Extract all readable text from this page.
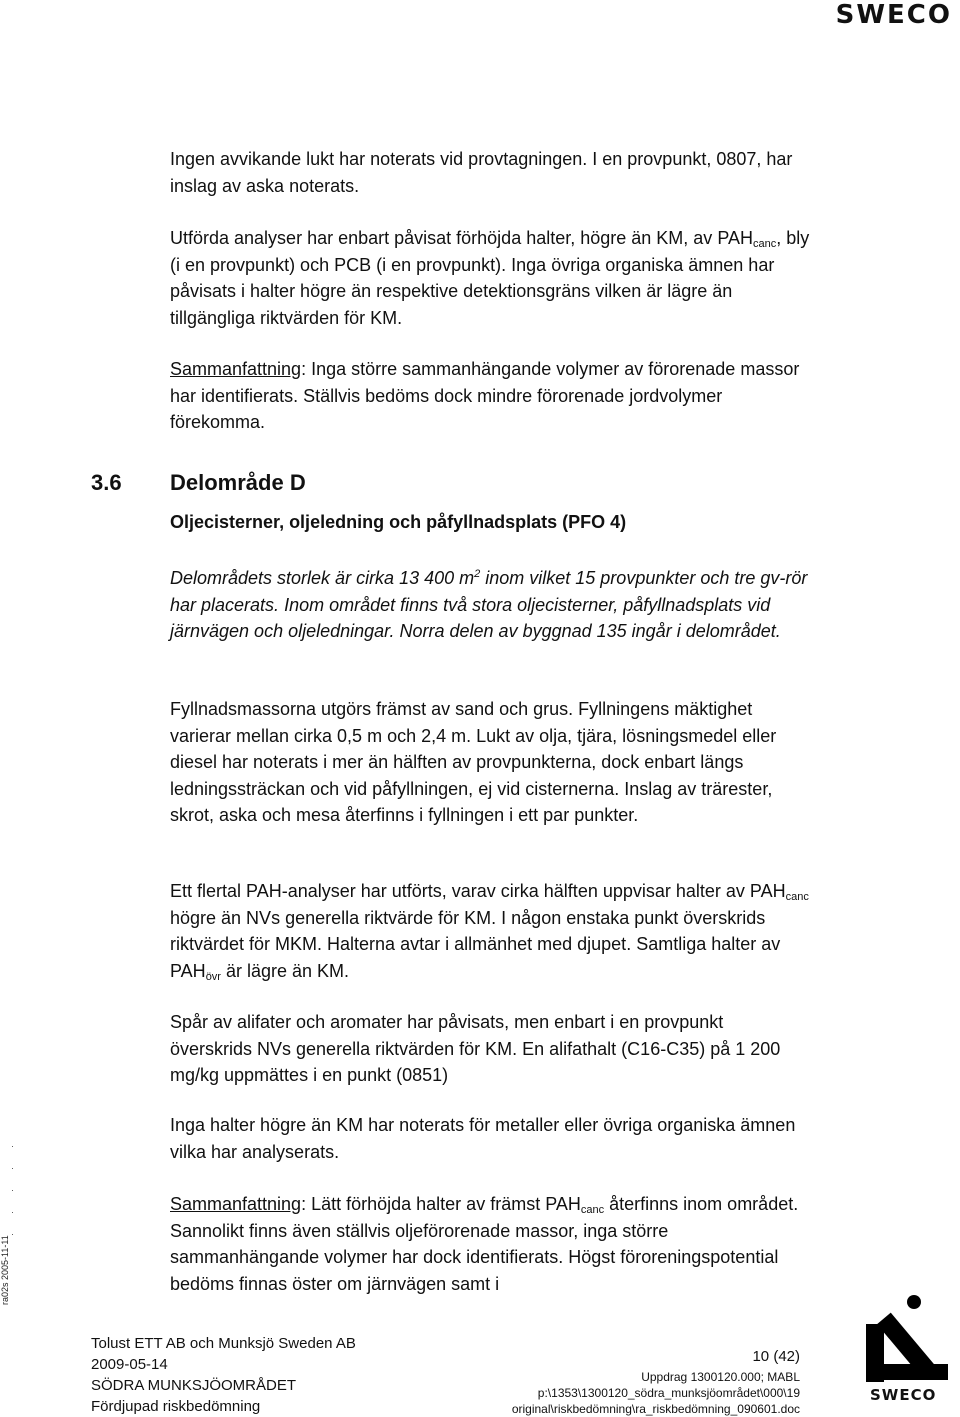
SWECO

Ingen avvikande lukt har noterats vid provtagningen. I en provpunkt, 0807, har inslag av aska noterats.

Utförda analyser har enbart påvisat förhöjda halter, högre än KM, av $PAH_{canc}$, bly (i en provpunkt) och PCB (i en provpunkt). Inga övriga organiska ämnen har påvisats i halter högre än respektive detektionsgräns vilken är lägre än tillgängliga riktvärden för KM.

Sammanfattning: Inga större sammanhängande volymer av förorenade massor har identifierats. Ställvis bedöms dock mindre förorenade jordvolymer förekomma.

3.6 Delområde D
Oljecisterner, oljeledning och påfyllnadsplats (PFO 4)

Delområdets storlek är cirka 13 400 $m^2$ inom vilket 15 provpunkter och tre gv-rör har placerats. Inom området finns två stora oljecisterner, påfyllnadsplats vid järnvägen och oljeledningar. Norra delen av byggnad 135 ingår i delområdet.

Fyllnadsmassorna utgörs främst av sand och grus. Fyllningens mäktighet varierar mellan cirka 0,5 m och 2,4 m. Lukt av olja, tjära, lösningsmedel eller diesel har noterats i mer än hälften av provpunkterna, dock enbart längs ledningssträckan och vid påfyllningen, ej vid cisternerna. Inslag av trärester, skrot, aska och mesa återfinns i fyllningen i ett par punkter.

Ett flertal PAH-analyser har utförts, varav cirka hälften uppvisar halter av $PAH_{canc}$ högre än NVs generella riktvärde för KM. I någon enstaka punkt överskrids riktvärdet för MKM. Halterna avtar i allmänhet med djupet. Samtliga halter av $PAH_{övr}$ är lägre än KM.

Spår av alifater och aromater har påvisats, men enbart i en provpunkt överskrids NVs generella riktvärden för KM. En alifathalt (C16-C35) på 1 200 mg/kg uppmättes i en punkt (0851)

Inga halter högre än KM har noterats för metaller eller övriga organiska ämnen vilka har analyserats.

Sammanfattning: Lätt förhöjda halter av främst $PAH_{canc}$ återfinns inom området. Sannolikt finns även ställvis oljeförorenade massor, inga större sammanhängande volymer har dock identifierats. Högst föroreningspotential bedöms finnas öster om järnvägen samt i

·
·
·
·
·
ra02s 2005-11-11
Tolust ETT AB och Munksjö Sweden AB
2009-05-14
SÖDRA MUNKSJÖOMRÅDET
Fördjupad riskbedömning
10 (42)
Uppdrag 1300120.000; MABL
p:\1353\1300120_södra_munksjöområdet\000\19
original\riskbedömning\ra_riskbedömning_090601.doc
SWECO
